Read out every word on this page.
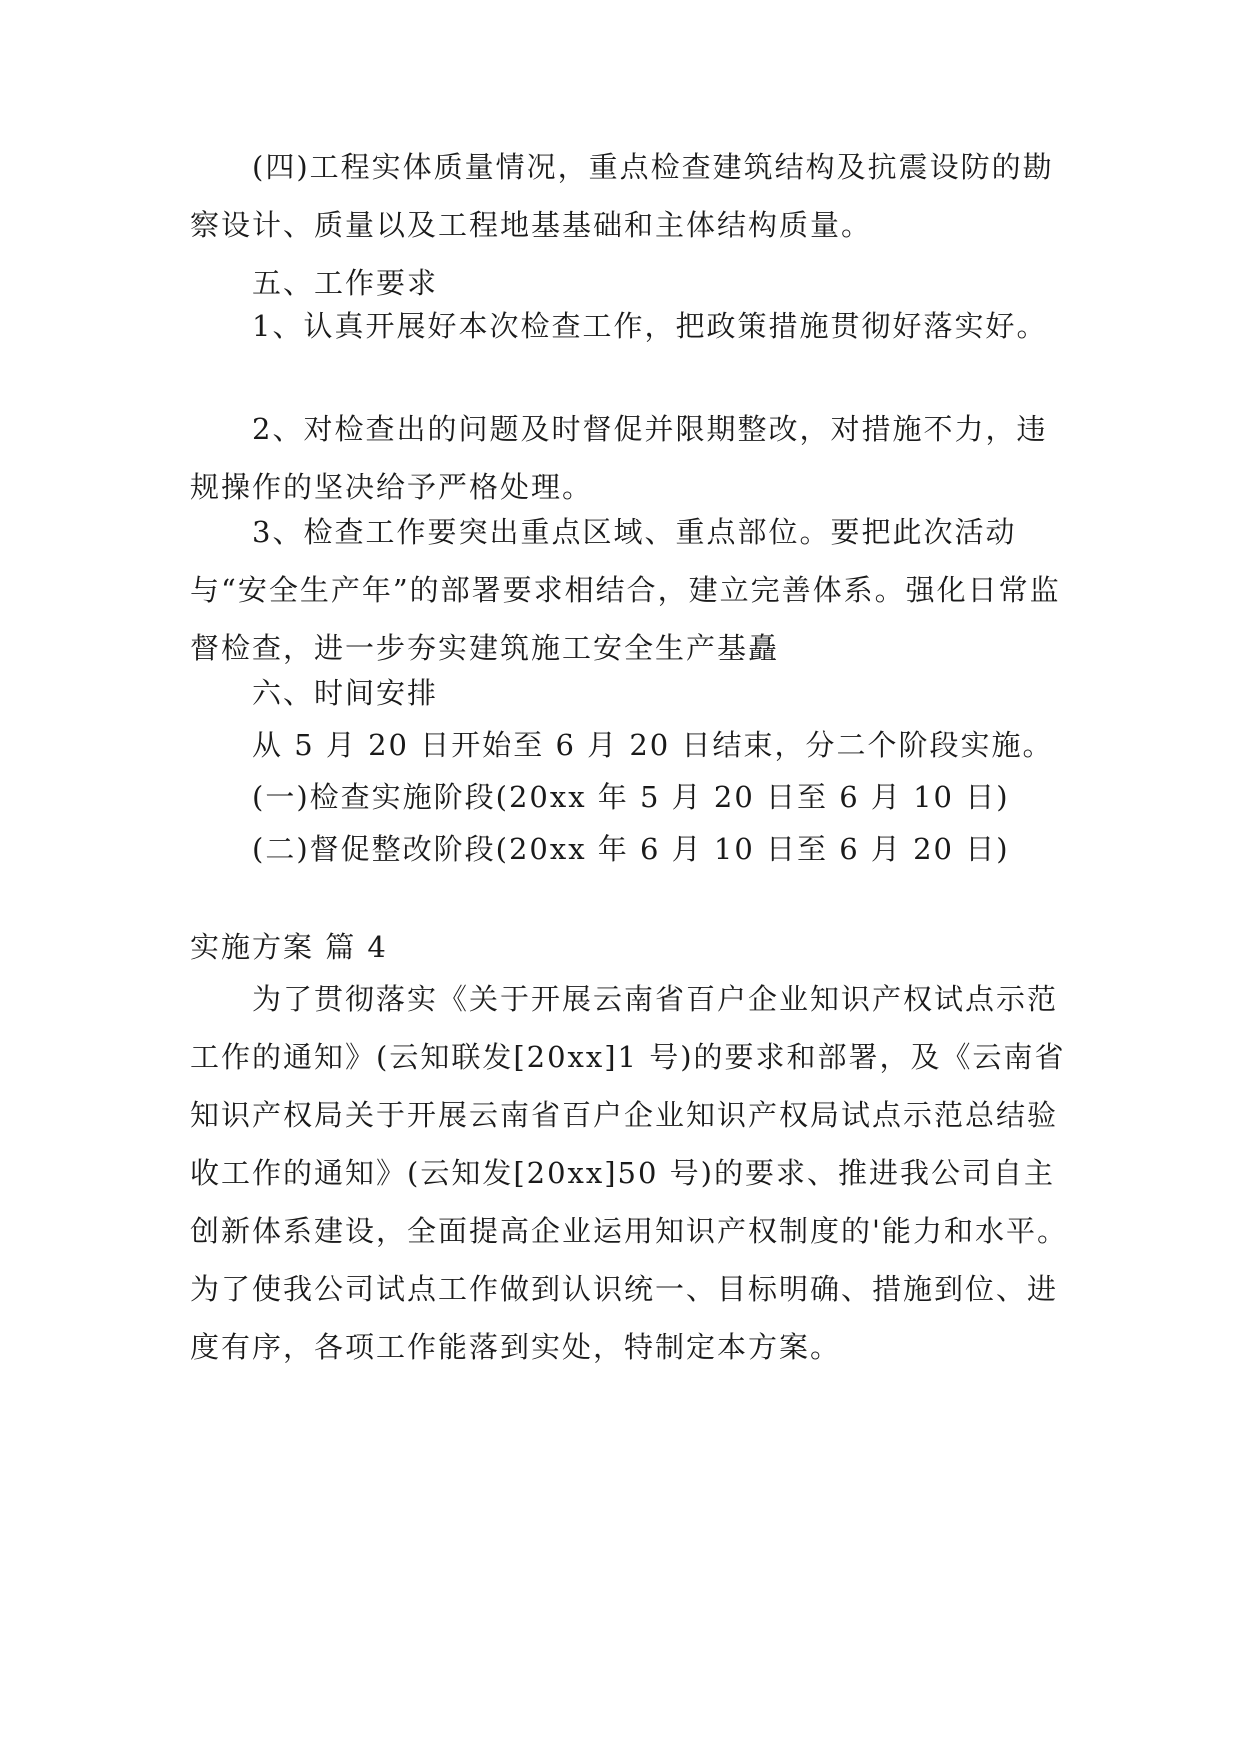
(四)工程实体质量情况，重点检查建筑结构及抗震设防的勘察设计、质量以及工程地基基础和主体结构质量。

五、工作要求

1、认真开展好本次检查工作，把政策措施贯彻好落实好。

2、对检查出的问题及时督促并限期整改，对措施不力，违规操作的坚决给予严格处理。

3、检查工作要突出重点区域、重点部位。要把此次活动与“安全生产年”的部署要求相结合，建立完善体系。强化日常监督检查，进一步夯实建筑施工安全生产基矗

六、时间安排

从 5 月 20 日开始至 6 月 20 日结束，分二个阶段实施。

(一)检查实施阶段(20xx 年 5 月 20 日至 6 月 10 日)

(二)督促整改阶段(20xx 年 6 月 10 日至 6 月 20 日)

实施方案 篇 4

为了贯彻落实《关于开展云南省百户企业知识产权试点示范工作的通知》(云知联发[20xx]1 号)的要求和部署，及《云南省知识产权局关于开展云南省百户企业知识产权局试点示范总结验收工作的通知》(云知发[20xx]50 号)的要求、推进我公司自主创新体系建设，全面提高企业运用知识产权制度的'能力和水平。为了使我公司试点工作做到认识统一、目标明确、措施到位、进度有序，各项工作能落到实处，特制定本方案。
